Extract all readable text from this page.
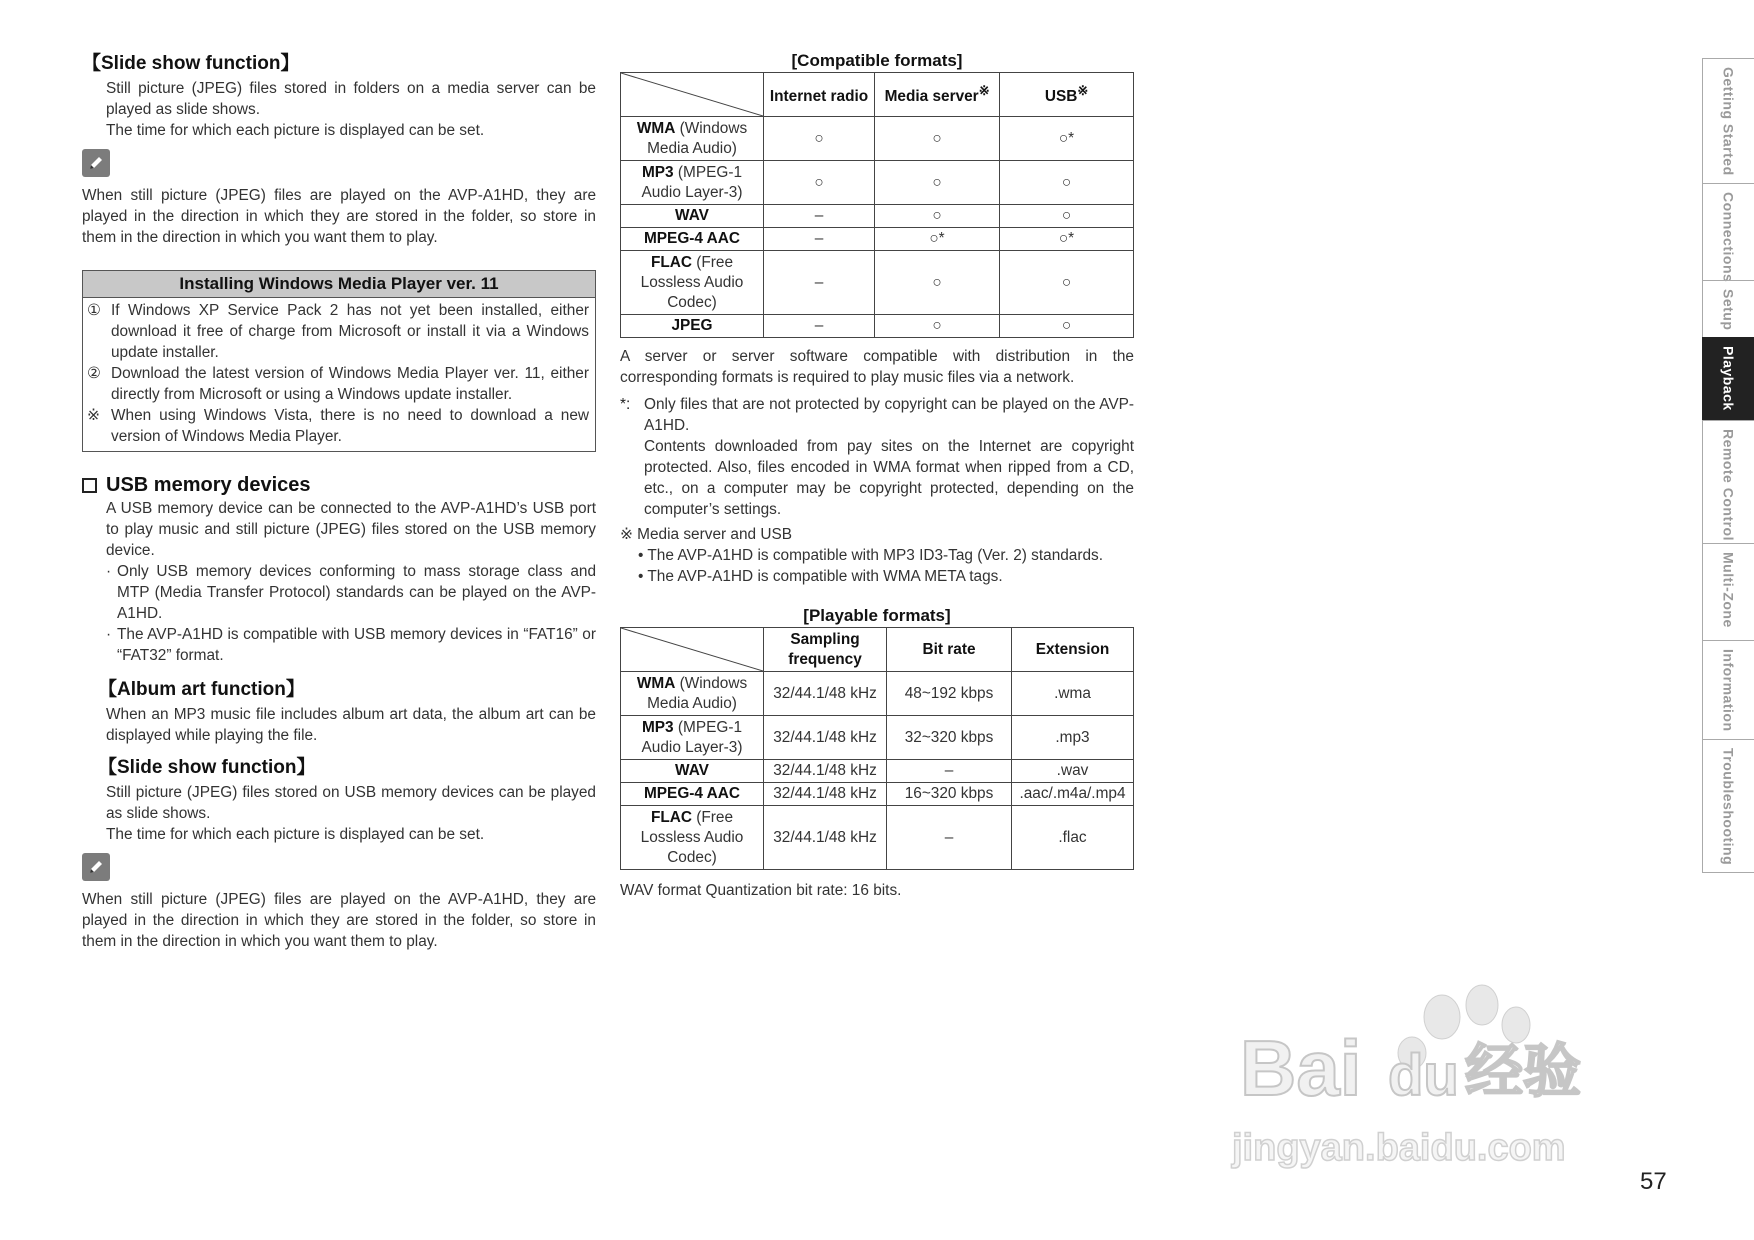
【Slide show function】

Still picture (JPEG) files stored in folders on a media server can be played as slide shows.

The time for which each picture is displayed can be set.

When still picture (JPEG) files are played on the AVP-A1HD, they are played in the direction in which they are stored in the folder, so store in them in the direction in which you want them to play.

Installing Windows Media Player ver. 11
① If Windows XP Service Pack 2 has not yet been installed, either download it free of charge from Microsoft or install it via a Windows update installer.
② Download the latest version of Windows Media Player ver. 11, either directly from Microsoft or using a Windows update installer.
※ When using Windows Vista, there is no need to download a new version of Windows Media Player.
USB memory devices

A USB memory device can be connected to the AVP-A1HD’s USB port to play music and still picture (JPEG) files stored on the USB memory device.

· Only USB memory devices conforming to mass storage class and MTP (Media Transfer Protocol) standards can be played on the AVP-A1HD.
· The AVP-A1HD is compatible with USB memory devices in “FAT16” or “FAT32” format.
【Album art function】

When an MP3 music file includes album art data, the album art can be displayed while playing the file.

【Slide show function】

Still picture (JPEG) files stored on USB memory devices can be played as slide shows.

The time for which each picture is displayed can be set.

When still picture (JPEG) files are played on the AVP-A1HD, they are played in the direction in which they are stored in the folder, so store in them in the direction in which you want them to play.

[Compatible formats]
	Internet radio	Media server※	USB※
WMA (Windows Media Audio)	○	○	○*
MP3 (MPEG-1 Audio Layer-3)	○	○	○
WAV	–	○	○
MPEG-4 AAC	–	○*	○*
FLAC (Free Lossless Audio Codec)	–	○	○
JPEG	–	○	○

A server or server software compatible with distribution in the corresponding formats is required to play music files via a network.

*: Only files that are not protected by copyright can be played on the AVP-A1HD.

Contents downloaded from pay sites on the Internet are copyright protected. Also, files encoded in WMA format when ripped from a CD, etc., on a computer may be copyright protected, depending on the computer’s settings.

※ Media server and USB

• The AVP-A1HD is compatible with MP3 ID3-Tag (Ver. 2) standards.

• The AVP-A1HD is compatible with WMA META tags.

[Playable formats]
	Sampling frequency	Bit rate	Extension
WMA (Windows Media Audio)	32/44.1/48 kHz	48~192 kbps	.wma
MP3 (MPEG-1 Audio Layer-3)	32/44.1/48 kHz	32~320 kbps	.mp3
WAV	32/44.1/48 kHz	–	.wav
MPEG-4 AAC	32/44.1/48 kHz	16~320 kbps	.aac/.m4a/.mp4
FLAC (Free Lossless Audio Codec)	32/44.1/48 kHz	–	.flac

WAV format Quantization bit rate: 16 bits.

Getting Started
Connections
Setup
Playback
Remote Control
Multi-Zone
Information
Troubleshooting
Bai du 经验
jingyan.baidu.com
57
